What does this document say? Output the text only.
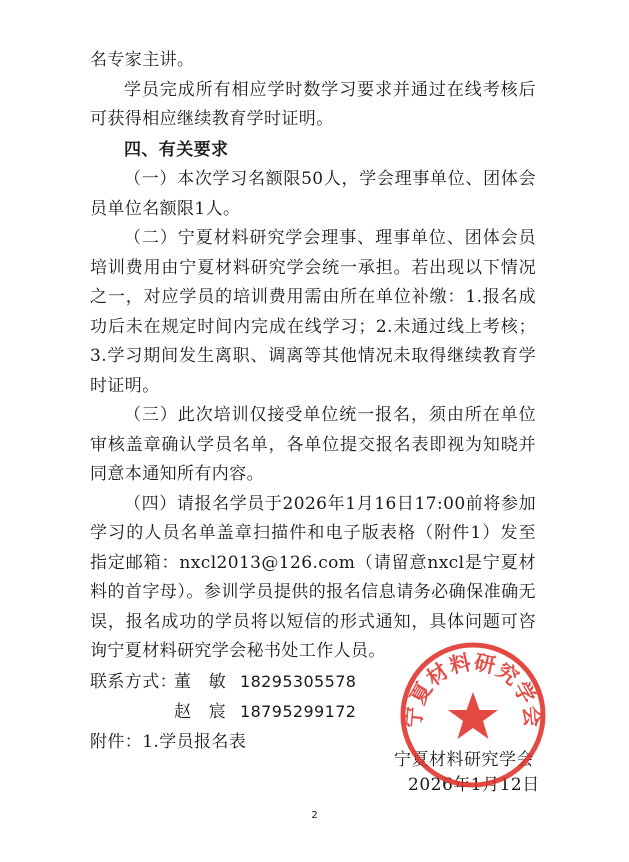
名专家主讲。

学员完成所有相应学时数学习要求并通过在线考核后可获得相应继续教育学时证明。

四、有关要求

（一）本次学习名额限50人，学会理事单位、团体会员单位名额限1人。

（二）宁夏材料研究学会理事、理事单位、团体会员培训费用由宁夏材料研究学会统一承担。若出现以下情况之一，对应学员的培训费用需由所在单位补缴：1.报名成功后未在规定时间内完成在线学习；2.未通过线上考核；3.学习期间发生离职、调离等其他情况未取得继续教育学时证明。

（三）此次培训仅接受单位统一报名，须由所在单位审核盖章确认学员名单，各单位提交报名表即视为知晓并同意本通知所有内容。

（四）请报名学员于2026年1月16日17:00前将参加学习的人员名单盖章扫描件和电子版表格（附件1）发至指定邮箱：nxcl2013@126.com（请留意nxcl是宁夏材料的首字母）。参训学员提供的报名信息请务必确保准确无误，报名成功的学员将以短信的形式通知，具体问题可咨询宁夏材料研究学会秘书处工作人员。

联系方式：董　敏 18295305578

赵　宸 18795299172

附件：1.学员报名表

宁夏材料研究学会
2026年1月12日
宁夏材料研究学会
2
